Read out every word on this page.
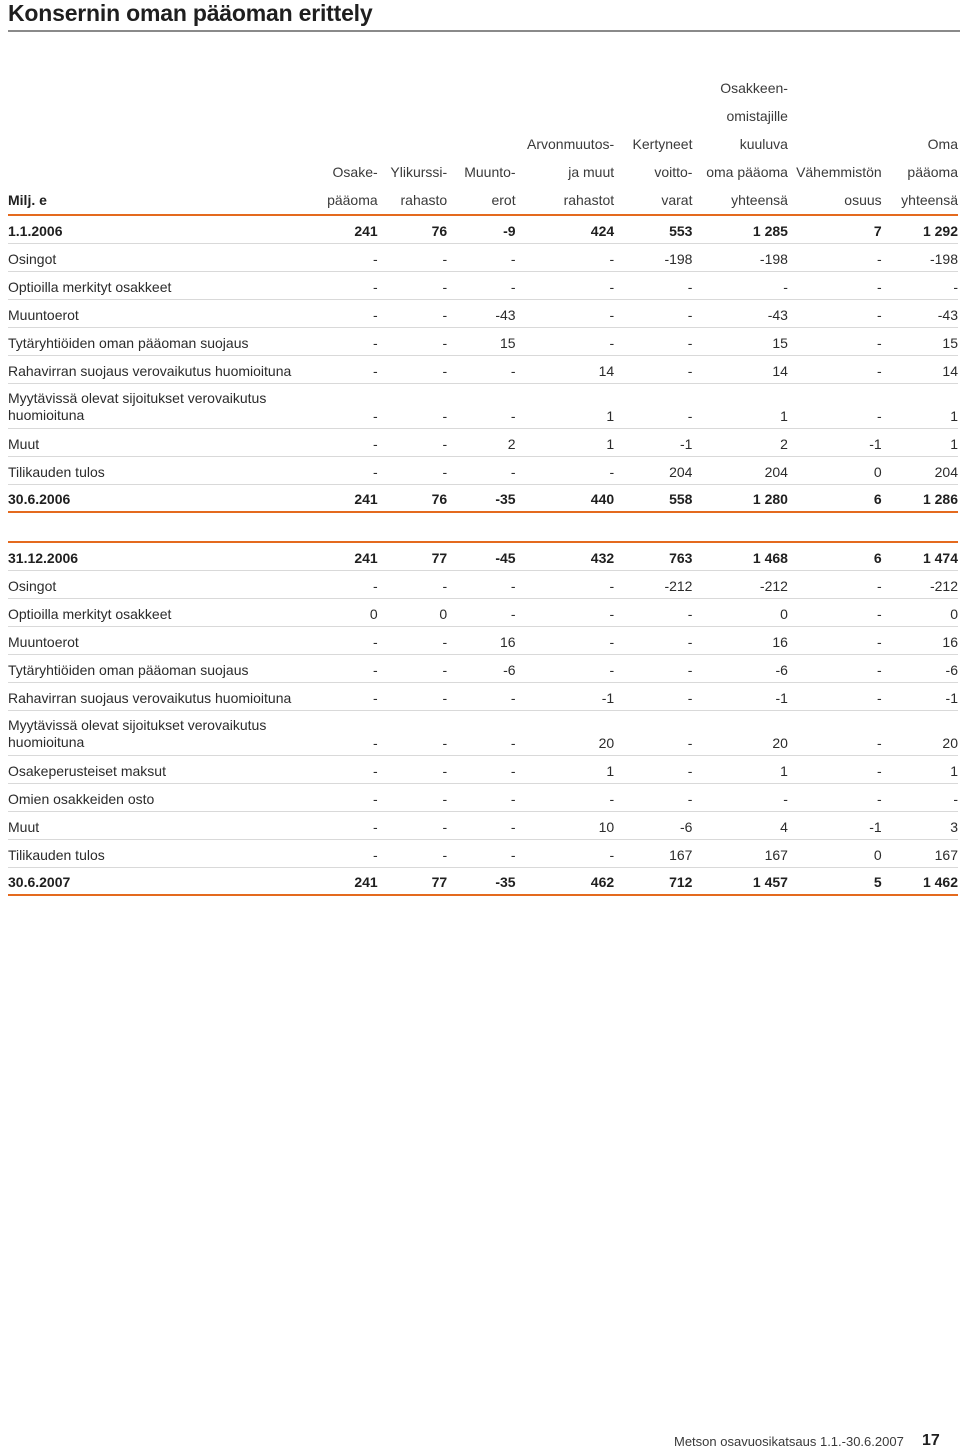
Konsernin oman pääoman erittely
						Osakkeen-		
						omistajille		
				Arvonmuutos-	Kertyneet	kuuluva		Oma
	Osake-	Ylikurssi-	Muunto-	ja muut	voitto-	oma pääoma	Vähemmistön	pääoma
Milj. e	pääoma	rahasto	erot	rahastot	varat	yhteensä	osuus	yhteensä
1.1.2006	241	76	-9	424	553	1 285	7	1 292
Osingot	-	-	-	-	-198	-198	-	-198
Optioilla merkityt osakkeet	-	-	-	-	-	-	-	-
Muuntoerot	-	-	-43	-	-	-43	-	-43
Tytäryhtiöiden oman pääoman suojaus	-	-	15	-	-	15	-	15
Rahavirran suojaus verovaikutus huomioituna	-	-	-	14	-	14	-	14

Myytävissä olevat sijoitukset verovaikutus
huomioituna	-	-	-	1	-	1	-	1
Muut	-	-	2	1	-1	2	-1	1
Tilikauden tulos	-	-	-	-	204	204	0	204
30.6.2006	241	76	-35	440	558	1 280	6	1 286

31.12.2006	241	77	-45	432	763	1 468	6	1 474
Osingot	-	-	-	-	-212	-212	-	-212
Optioilla merkityt osakkeet	0	0	-	-	-	0	-	0
Muuntoerot	-	-	16	-	-	16	-	16
Tytäryhtiöiden oman pääoman suojaus	-	-	-6	-	-	-6	-	-6
Rahavirran suojaus verovaikutus huomioituna	-	-	-	-1	-	-1	-	-1

Myytävissä olevat sijoitukset verovaikutus
huomioituna	-	-	-	20	-	20	-	20
Osakeperusteiset maksut	-	-	-	1	-	1	-	1
Omien osakkeiden osto	-	-	-	-	-	-	-	-
Muut	-	-	-	10	-6	4	-1	3
Tilikauden tulos	-	-	-	-	167	167	0	167
30.6.2007	241	77	-35	462	712	1 457	5	1 462
Metson osavuosikatsaus 1.1.-30.6.2007 17
